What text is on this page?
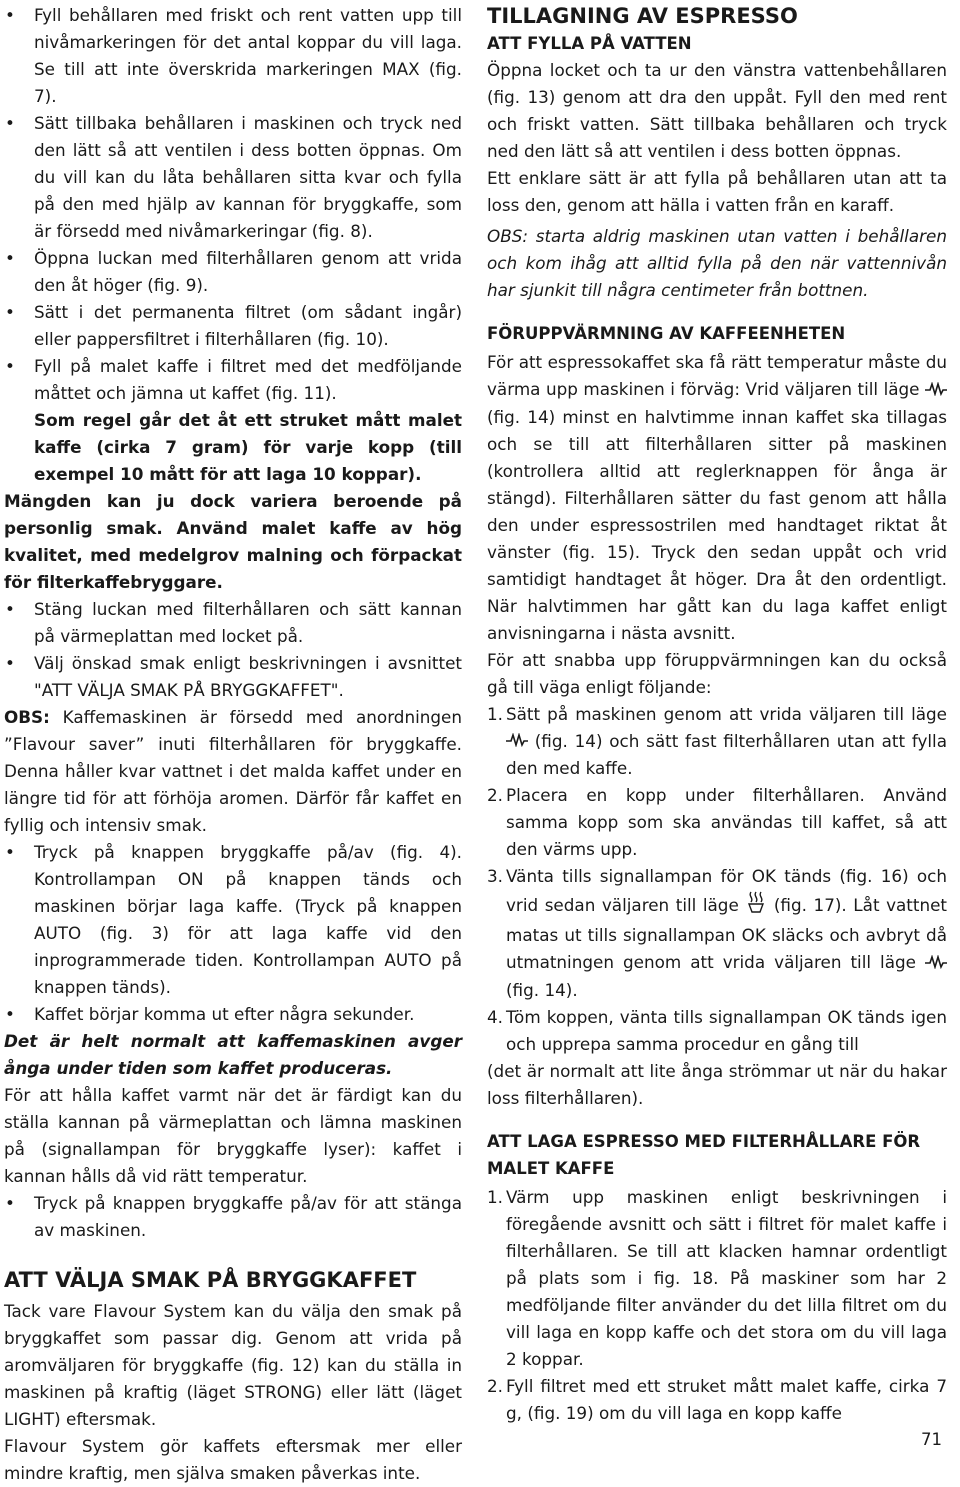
• Fyll behållaren med friskt och rent vatten upp till nivåmarkeringen för det antal koppar du vill laga. Se till att inte överskrida markeringen MAX (fig. 7).

• Sätt tillbaka behållaren i maskinen och tryck ned den lätt så att ventilen i dess botten öppnas. Om du vill kan du låta behållaren sitta kvar och fylla på den med hjälp av kannan för bryggkaffe, som är försedd med nivåmarkeringar (fig. 8).

• Öppna luckan med filterhållaren genom att vrida den åt höger (fig. 9).

• Sätt i det permanenta filtret (om sådant ingår) eller pappersfiltret i filterhållaren (fig. 10).

• Fyll på malet kaffe i filtret med det medföljande måttet och jämna ut kaffet (fig. 11).

Som regel går det åt ett struket mått malet kaffe (cirka 7 gram) för varje kopp (till exempel 10 mått för att laga 10 koppar).

Mängden kan ju dock variera beroende på personlig smak. Använd malet kaffe av hög kvalitet, med medelgrov malning och förpackat för filterkaffebryggare.

• Stäng luckan med filterhållaren och sätt kannan på värmeplattan med locket på.

• Välj önskad smak enligt beskrivningen i avsnittet "ATT VÄLJA SMAK PÅ BRYGGKAFFET".

OBS: Kaffemaskinen är försedd med anordningen ”Flavour saver” inuti filterhållaren för bryggkaffe. Denna håller kvar vattnet i det malda kaffet under en längre tid för att förhöja aromen. Därför får kaffet en fyllig och intensiv smak.

• Tryck på knappen bryggkaffe på/av (fig. 4). Kontrollampan ON på knappen tänds och maskinen börjar laga kaffe. (Tryck på knappen AUTO (fig. 3) för att laga kaffe vid den inprogrammerade tiden. Kontrollampan AUTO på knappen tänds).

• Kaffet börjar komma ut efter några sekunder.

Det är helt normalt att kaffemaskinen avger ånga under tiden som kaffet produceras.

För att hålla kaffet varmt när det är färdigt kan du ställa kannan på värmeplattan och lämna maskinen på (signallampan för bryggkaffe lyser): kaffet i kannan hålls då vid rätt temperatur.

• Tryck på knappen bryggkaffe på/av för att stänga av maskinen.

ATT VÄLJA SMAK PÅ BRYGGKAFFET

Tack vare Flavour System kan du välja den smak på bryggkaffet som passar dig. Genom att vrida på aromväljaren för bryggkaffe (fig. 12) kan du ställa in maskinen på kraftig (läget STRONG) eller lätt (läget LIGHT) eftersmak.

Flavour System gör kaffets eftersmak mer eller mindre kraftig, men själva smaken påverkas inte.

TILLAGNING AV ESPRESSO

ATT FYLLA PÅ VATTEN

Öppna locket och ta ur den vänstra vattenbehållaren (fig. 13) genom att dra den uppåt. Fyll den med rent och friskt vatten. Sätt tillbaka behållaren och tryck ned den lätt så att ventilen i dess botten öppnas.

Ett enklare sätt är att fylla på behållaren utan att ta loss den, genom att hälla i vatten från en karaff.

OBS: starta aldrig maskinen utan vatten i behållaren och kom ihåg att alltid fylla på den när vattennivån har sjunkit till några centimeter från bottnen.

FÖRUPPVÄRMNING AV KAFFEENHETEN

För att espressokaffet ska få rätt temperatur måste du värma upp maskinen i förväg: Vrid väljaren till läge  (fig. 14) minst en halvtimme innan kaffet ska tillagas och se till att filterhållaren sitter på maskinen (kontrollera alltid att reglerknappen för ånga är stängd). Filterhållaren sätter du fast genom att hålla den under espressostrilen med handtaget riktat åt vänster (fig. 15). Tryck den sedan uppåt och vrid samtidigt handtaget åt höger. Dra åt den ordentligt. När halvtimmen har gått kan du laga kaffet enligt anvisningarna i nästa avsnitt.

För att snabba upp föruppvärmningen kan du också gå till väga enligt följande:

1. Sätt på maskinen genom att vrida väljaren till läge  (fig. 14) och sätt fast filterhållaren utan att fylla den med kaffe.

2. Placera en kopp under filterhållaren. Använd samma kopp som ska användas till kaffet, så att den värms upp.

3. Vänta tills signallampan för OK tänds (fig. 16) och vrid sedan väljaren till läge  (fig. 17). Låt vattnet matas ut tills signallampan OK släcks och avbryt då utmatningen genom att vrida väljaren till läge  (fig. 14).

4. Töm koppen, vänta tills signallampan OK tänds igen och upprepa samma procedur en gång till

(det är normalt att lite ånga strömmar ut när du hakar loss filterhållaren).

ATT LAGA ESPRESSO MED FILTERHÅLLARE FÖR MALET KAFFE

1. Värm upp maskinen enligt beskrivningen i föregående avsnitt och sätt i filtret för malet kaffe i filterhållaren. Se till att klacken hamnar ordentligt på plats som i fig. 18. På maskiner som har 2 medföljande filter använder du det lilla filtret om du vill laga en kopp kaffe och det stora om du vill laga 2 koppar.

2. Fyll filtret med ett struket mått malet kaffe, cirka 7 g, (fig. 19) om du vill laga en kopp kaffe

71
